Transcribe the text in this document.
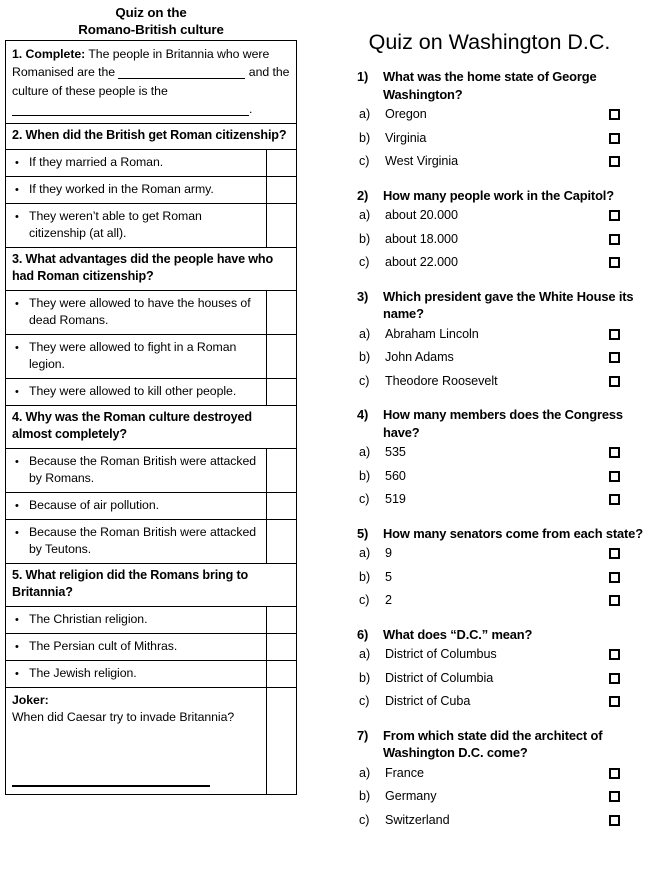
Quiz on the
Romano-British culture
1. Complete: The people in Britannia who were Romanised are the and the culture of these people is the .	

2. When did the British get Roman citizenship?	

• If they married a Roman.	

• If they worked in the Roman army.	

• They weren’t able to get Roman citizenship (at all).	

3. What advantages did the people have who had Roman citizenship?	

• They were allowed to have the houses of dead Romans.	

• They were allowed to fight in a Roman legion.	

• They were allowed to kill other people.	

4. Why was the Roman culture destroyed almost completely?	

• Because the Roman British were attacked by Romans.	

• Because of air pollution.	

• Because the Roman British were attacked by Teutons.	

5. What religion did the Romans bring to Britannia?	

• The Christian religion.	

• The Persian cult of Mithras.	

• The Jewish religion.	

Joker:
When did Caesar try to invade Britannia?	

Quiz on Washington D.C.
1)	What was the home state of George Washington?
a)	Oregon
b)	Virginia
c)	West Virginia
2)	How many people work in the Capitol?
a)	about 20.000
b)	about 18.000
c)	about 22.000
3)	Which president gave the White House its name?
a)	Abraham Lincoln
b)	John Adams
c)	Theodore Roosevelt
4)	How many members does the Congress have?
a)	535
b)	560
c)	519
5)	How many senators come from each state?
a)	9
b)	5
c)	2
6)	What does “D.C.” mean?
a)	District of Columbus
b)	District of Columbia
c)	District of Cuba
7)	From which state did the architect of Washington D.C. come?
a)	France
b)	Germany
c)	Switzerland
